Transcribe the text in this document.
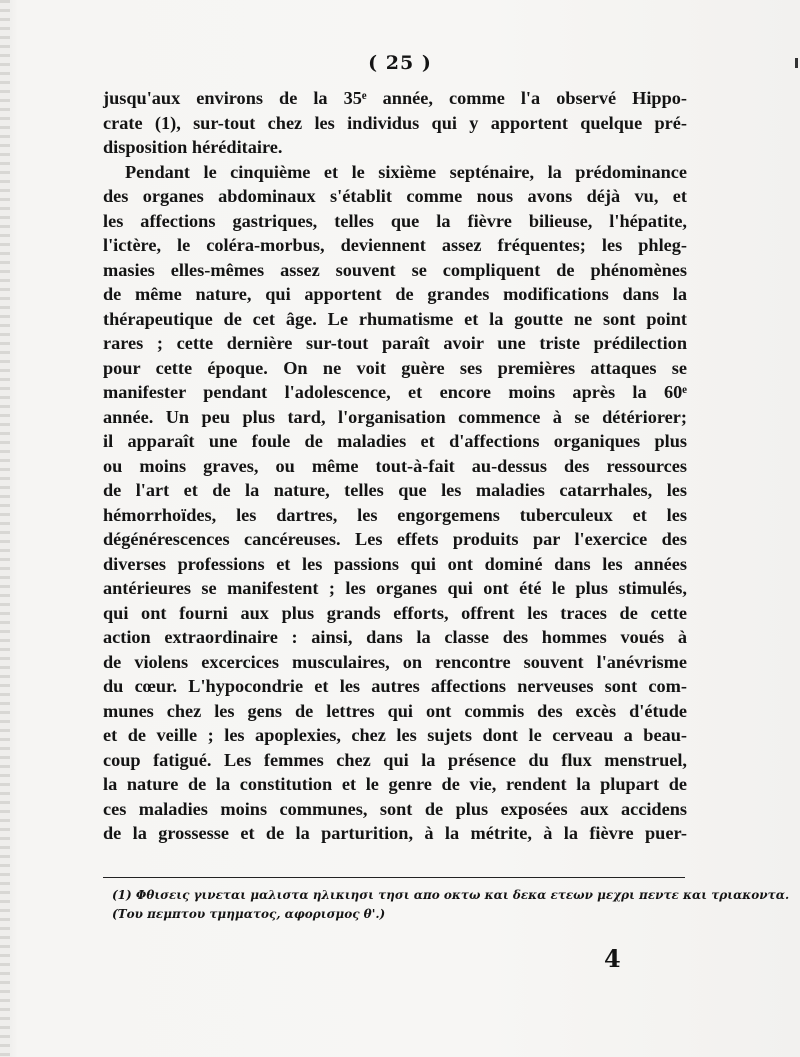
( 25 )
jusqu'aux environs de la 35ᵉ année, comme l'a observé Hippo-
crate (1), sur-tout chez les individus qui y apportent quelque pré-
disposition héréditaire.
Pendant le cinquième et le sixième septénaire, la prédominance
des organes abdominaux s'établit comme nous avons déjà vu, et
les affections gastriques, telles que la fièvre bilieuse, l'hépatite,
l'ictère, le coléra-morbus, deviennent assez fréquentes; les phleg-
masies elles-mêmes assez souvent se compliquent de phénomènes
de même nature, qui apportent de grandes modifications dans la
thérapeutique de cet âge. Le rhumatisme et la goutte ne sont point
rares ; cette dernière sur-tout paraît avoir une triste prédilection
pour cette époque. On ne voit guère ses premières attaques se
manifester pendant l'adolescence, et encore moins après la 60ᵉ
année. Un peu plus tard, l'organisation commence à se détériorer;
il apparaît une foule de maladies et d'affections organiques plus
ou moins graves, ou même tout-à-fait au-dessus des ressources
de l'art et de la nature, telles que les maladies catarrhales, les
hémorrhoïdes, les dartres, les engorgemens tuberculeux et les
dégénérescences cancéreuses. Les effets produits par l'exercice des
diverses professions et les passions qui ont dominé dans les années
antérieures se manifestent ; les organes qui ont été le plus stimulés,
qui ont fourni aux plus grands efforts, offrent les traces de cette
action extraordinaire : ainsi, dans la classe des hommes voués à
de violens excercices musculaires, on rencontre souvent l'anévrisme
du cœur. L'hypocondrie et les autres affections nerveuses sont com-
munes chez les gens de lettres qui ont commis des excès d'étude
et de veille ; les apoplexies, chez les sujets dont le cerveau a beau-
coup fatigué. Les femmes chez qui la présence du flux menstruel,
la nature de la constitution et le genre de vie, rendent la plupart de
ces maladies moins communes, sont de plus exposées aux accidens
de la grossesse et de la parturition, à la métrite, à la fièvre puer-
(1) Φθισεις γινεται μαλιστα ηλικιησι τησι απο οκτω και δεκα ετεων μεχρι πεντε και τριακοντα.
(Του πεμπτου τμηματος, αφορισμος θ'.)
4
